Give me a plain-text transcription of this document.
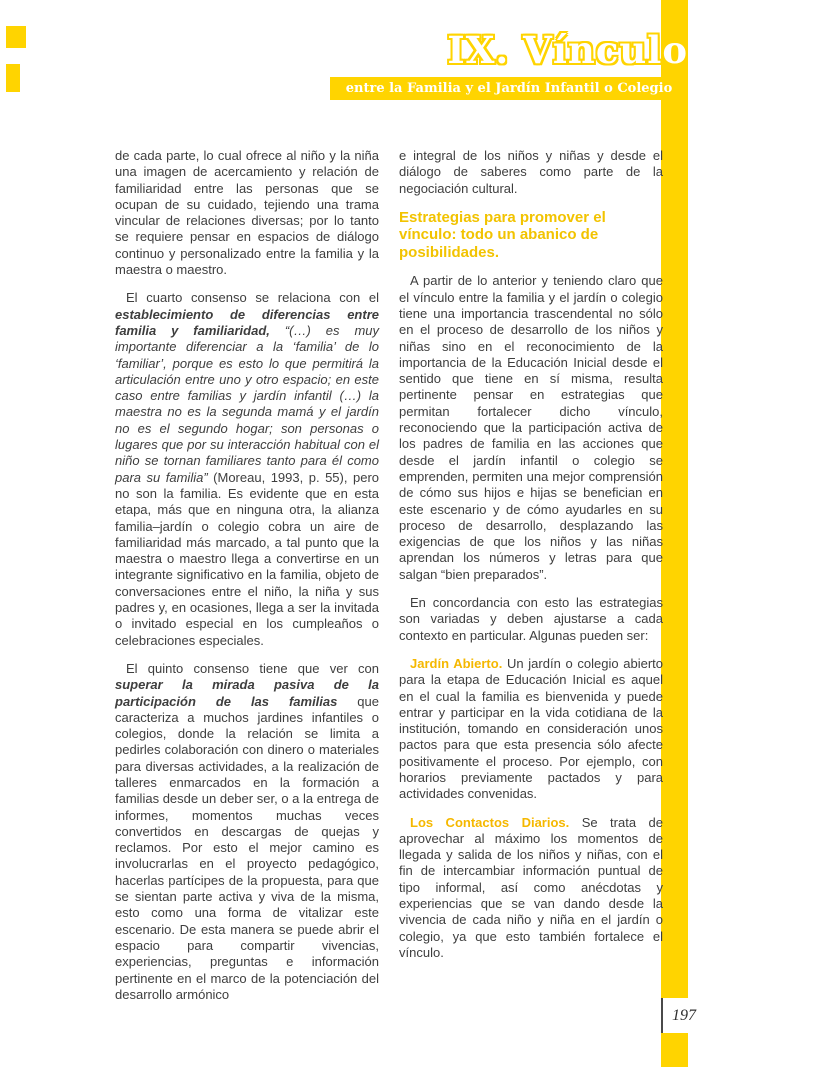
IX. Vínculo
entre la Familia y el Jardín Infantil o Colegio

de cada parte, lo cual ofrece al niño y la niña una imagen de acercamiento y relación de familiaridad entre las personas que se ocupan de su cuidado, tejiendo una trama vincular de relaciones diversas; por lo tanto se requiere pensar en espacios de diálogo continuo y personalizado entre la familia y la maestra o maestro.

El cuarto consenso se relaciona con el establecimiento de diferencias entre familia y familiaridad, “(…) es muy importante diferenciar a la ‘familia’ de lo ‘familiar’, porque es esto lo que permitirá la articulación entre uno y otro espacio; en este caso entre familias y jardín infantil (…) la maestra no es la segunda mamá y el jardín no es el segundo hogar; son personas o lugares que por su interacción habitual con el niño se tornan familiares tanto para él como para su familia” (Moreau, 1993, p. 55), pero no son la familia. Es evidente que en esta etapa, más que en ninguna otra, la alianza familia–jardín o colegio cobra un aire de familiaridad más marcado, a tal punto que la maestra o maestro llega a convertirse en un integrante significativo en la familia, objeto de conversaciones entre el niño, la niña y sus padres y, en ocasiones, llega a ser la invitada o invitado especial en los cumpleaños o celebraciones especiales.

El quinto consenso tiene que ver con superar la mirada pasiva de la participación de las familias que caracteriza a muchos jardines infantiles o colegios, donde la relación se limita a pedirles colaboración con dinero o materiales para diversas actividades, a la realización de talleres enmarcados en la formación a familias desde un deber ser, o a la entrega de informes, momentos muchas veces convertidos en descargas de quejas y reclamos. Por esto el mejor camino es involucrarlas en el proyecto pedagógico, hacerlas partícipes de la propuesta, para que se sientan parte activa y viva de la misma, esto como una forma de vitalizar este escenario. De esta manera se puede abrir el espacio para compartir vivencias, experiencias, preguntas e información pertinente en el marco de la potenciación del desarrollo armónico

e integral de los niños y niñas y desde el diálogo de saberes como parte de la negociación cultural.

Estrategias para promover el vínculo: todo un abanico de posibilidades.

A partir de lo anterior y teniendo claro que el vínculo entre la familia y el jardín o colegio tiene una importancia trascendental no sólo en el proceso de desarrollo de los niños y niñas sino en el reconocimiento de la importancia de la Educación Inicial desde el sentido que tiene en sí misma, resulta pertinente pensar en estrategias que permitan fortalecer dicho vínculo, reconociendo que la participación activa de los padres de familia en las acciones que desde el jardín infantil o colegio se emprenden, permiten una mejor comprensión de cómo sus hijos e hijas se benefician en este escenario y de cómo ayudarles en su proceso de desarrollo, desplazando las exigencias de que los niños y las niñas aprendan los números y letras para que salgan “bien preparados”.

En concordancia con esto las estrategias son variadas y deben ajustarse a cada contexto en particular. Algunas pueden ser:

Jardín Abierto. Un jardín o colegio abierto para la etapa de Educación Inicial es aquel en el cual la familia es bienvenida y puede entrar y participar en la vida cotidiana de la institución, tomando en consideración unos pactos para que esta presencia sólo afecte positivamente el proceso. Por ejemplo, con horarios previamente pactados y para actividades convenidas.

Los Contactos Diarios. Se trata de aprovechar al máximo los momentos de llegada y salida de los niños y niñas, con el fin de intercambiar información puntual de tipo informal, así como anécdotas y experiencias que se van dando desde la vivencia de cada niño y niña en el jardín o colegio, ya que esto también fortalece el vínculo.

197
